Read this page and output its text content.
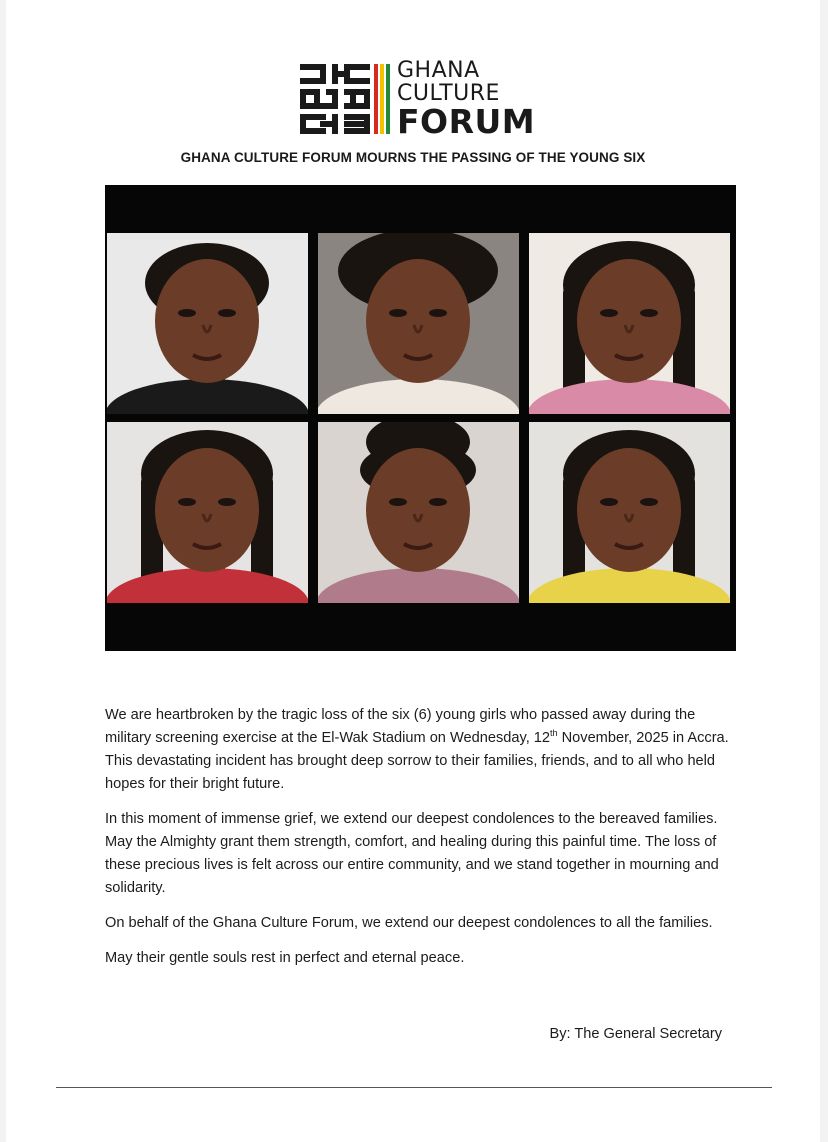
GHANA
CULTURE
FORUM
GHANA CULTURE FORUM MOURNS THE PASSING OF THE YOUNG SIX

We are heartbroken by the tragic loss of the six (6) young girls who passed away during the military screening exercise at the El-Wak Stadium on Wednesday, 12th November, 2025 in Accra. This devastating incident has brought deep sorrow to their families, friends, and to all who held hopes for their bright future.

In this moment of immense grief, we extend our deepest condolences to the bereaved families. May the Almighty grant them strength, comfort, and healing during this painful time. The loss of these precious lives is felt across our entire community, and we stand together in mourning and solidarity.

On behalf of the Ghana Culture Forum, we extend our deepest condolences to all the families.

May their gentle souls rest in perfect and eternal peace.

By: The General Secretary
